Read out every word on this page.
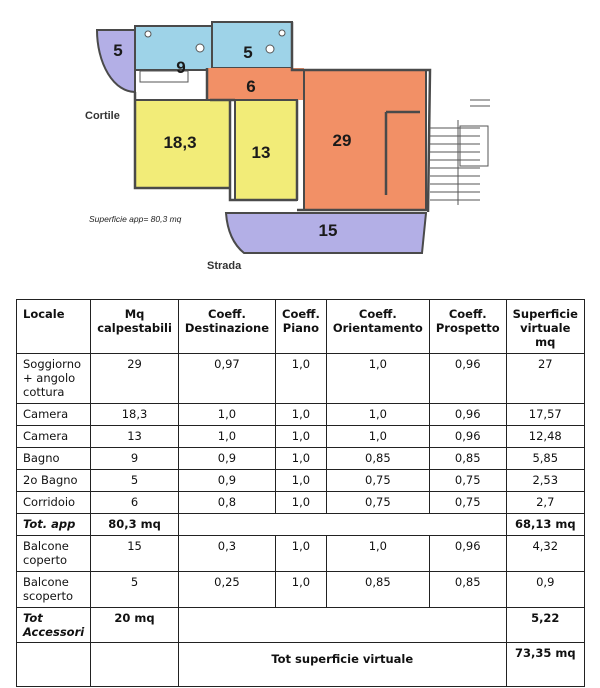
5
9
5
6
18,3
13
29
15
Cortile
Strada
Superficie app= 80,3 mq
Locale	Mq calpestabili	Coeff. Destinazione	Coeff. Piano	Coeff. Orientamento	Coeff. Prospetto	Superficie virtuale mq
Soggiorno + angolo cottura	29	0,97	1,0	1,0	0,96	27
Camera	18,3	1,0	1,0	1,0	0,96	17,57
Camera	13	1,0	1,0	1,0	0,96	12,48
Bagno	9	0,9	1,0	0,85	0,85	5,85
2o Bagno	5	0,9	1,0	0,75	0,75	2,53
Corridoio	6	0,8	1,0	0,75	0,75	2,7
Tot. app	80,3 mq					68,13 mq
Balcone coperto	15	0,3	1,0	1,0	0,96	4,32
Balcone scoperto	5	0,25	1,0	0,85	0,85	0,9
Tot Accessori	20 mq					5,22
		Tot superficie virtuale				73,35 mq
